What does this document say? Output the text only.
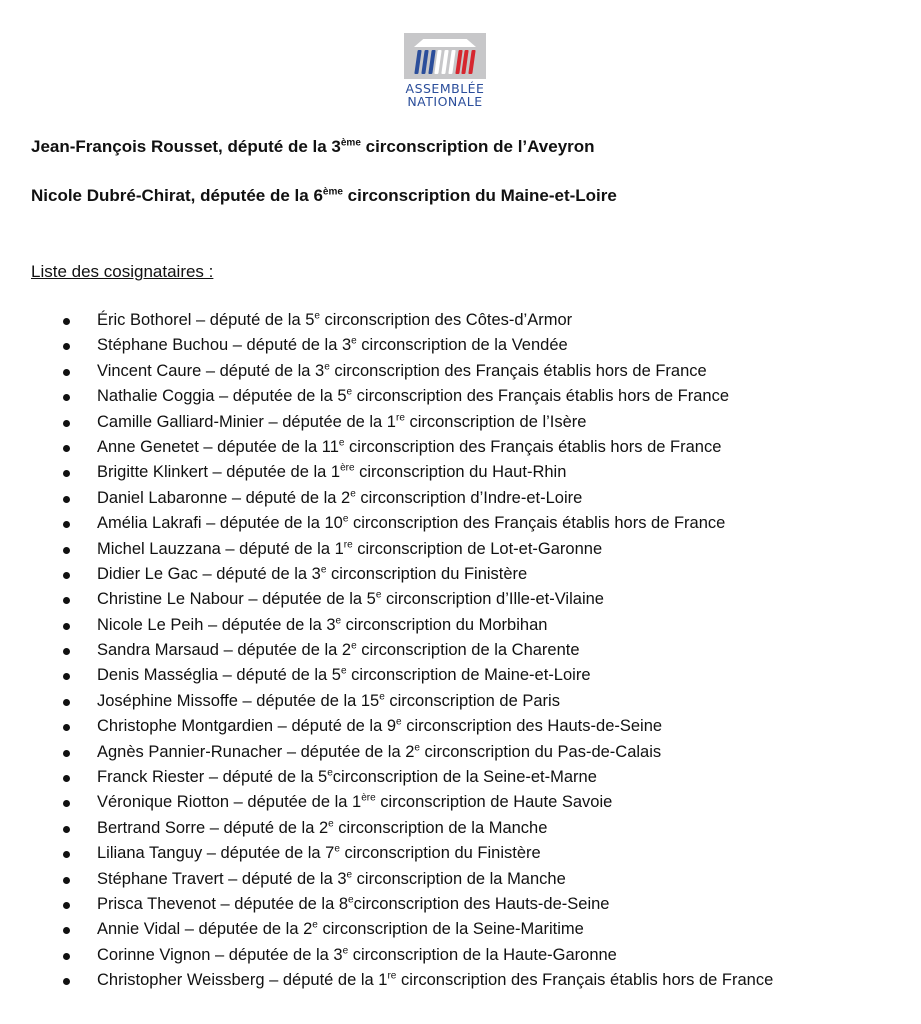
ASSEMBLÉE
NATIONALE
Jean-François Rousset, député de la 3ème circonscription de l’Aveyron
Nicole Dubré-Chirat, députée de la 6ème circonscription du Maine-et-Loire
Liste des cosignataires :
Éric Bothorel – député de la 5e circonscription des Côtes-d’Armor
Stéphane Buchou – député de la 3e circonscription de la Vendée
Vincent Caure – député de la 3e circonscription des Français établis hors de France
Nathalie Coggia – députée de la 5e circonscription des Français établis hors de France
Camille Galliard-Minier – députée de la 1re circonscription de l’Isère
Anne Genetet – députée de la 11e circonscription des Français établis hors de France
Brigitte Klinkert – députée de la 1ère circonscription du Haut-Rhin
Daniel Labaronne – député de la 2e circonscription d’Indre-et-Loire
Amélia Lakrafi – députée de la 10e circonscription des Français établis hors de France
Michel Lauzzana – député de la 1re circonscription de Lot-et-Garonne
Didier Le Gac – député de la 3e circonscription du Finistère
Christine Le Nabour – députée de la 5e circonscription d’Ille-et-Vilaine
Nicole Le Peih – députée de la 3e circonscription du Morbihan
Sandra Marsaud – députée de la 2e circonscription de la Charente
Denis Masséglia – député de la 5e circonscription de Maine-et-Loire
Joséphine Missoffe – députée de la 15e circonscription de Paris
Christophe Montgardien – député de la 9e circonscription des Hauts-de-Seine
Agnès Pannier-Runacher – députée de la 2e circonscription du Pas-de-Calais
Franck Riester – député de la 5ecirconscription de la Seine-et-Marne
Véronique Riotton – députée de la 1ère circonscription de Haute Savoie
Bertrand Sorre – député de la 2e circonscription de la Manche
Liliana Tanguy – députée de la 7e circonscription du Finistère
Stéphane Travert – député de la 3e circonscription de la Manche
Prisca Thevenot – députée de la 8ecirconscription des Hauts-de-Seine
Annie Vidal – députée de la 2e circonscription de la Seine-Maritime
Corinne Vignon – députée de la 3e circonscription de la Haute-Garonne
Christopher Weissberg – député de la 1re circonscription des Français établis hors de France
